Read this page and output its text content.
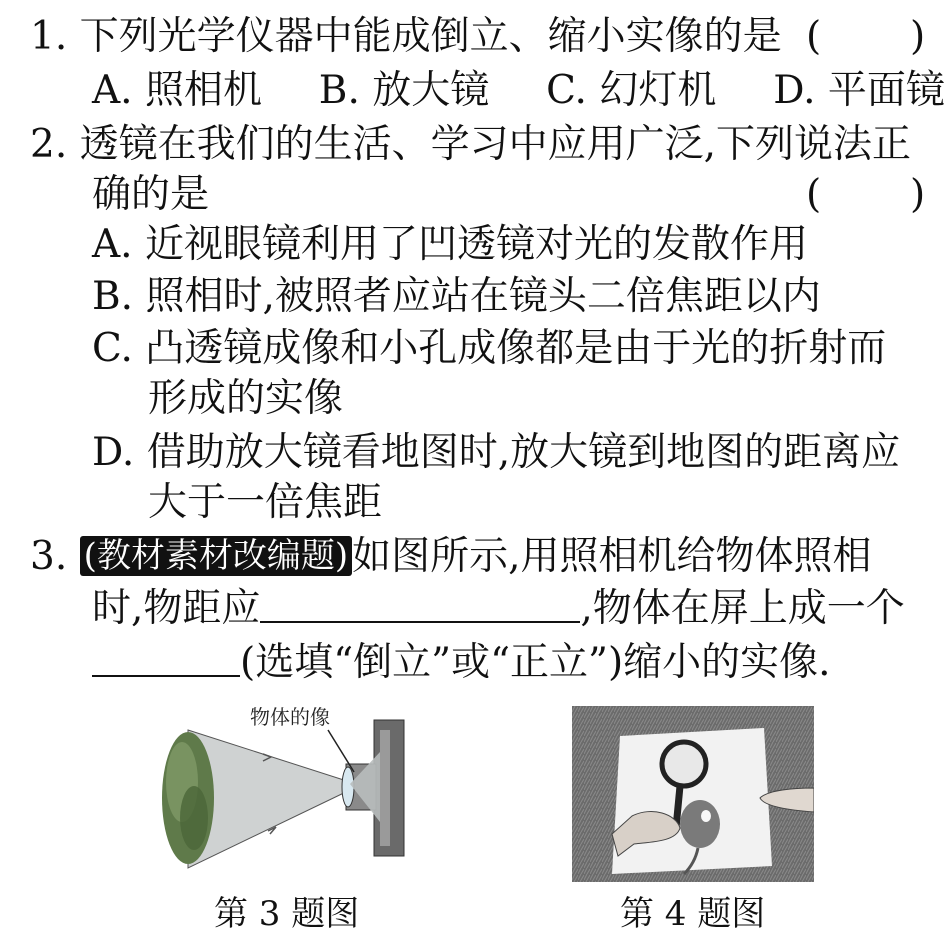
1. 下列光学仪器中能成倒立、缩小实像的是 ( )
A. 照相机 B. 放大镜 C. 幻灯机 D. 平面镜
2. 透镜在我们的生活、学习中应用广泛,下列说法正
确的是	( )
A. 近视眼镜利用了凹透镜对光的发散作用
B. 照相时,被照者应站在镜头二倍焦距以内
C. 凸透镜成像和小孔成像都是由于光的折射而
形成的实像
D. 借助放大镜看地图时,放大镜到地图的距离应
大于一倍焦距
3. (教材素材改编题) 如图所示,用照相机给物体照相
时,物距应	,物体在屏上成一个
(选填“倒立”或“正立”)缩小的实像.
物体的像
第 3 题图	第 4 题图
